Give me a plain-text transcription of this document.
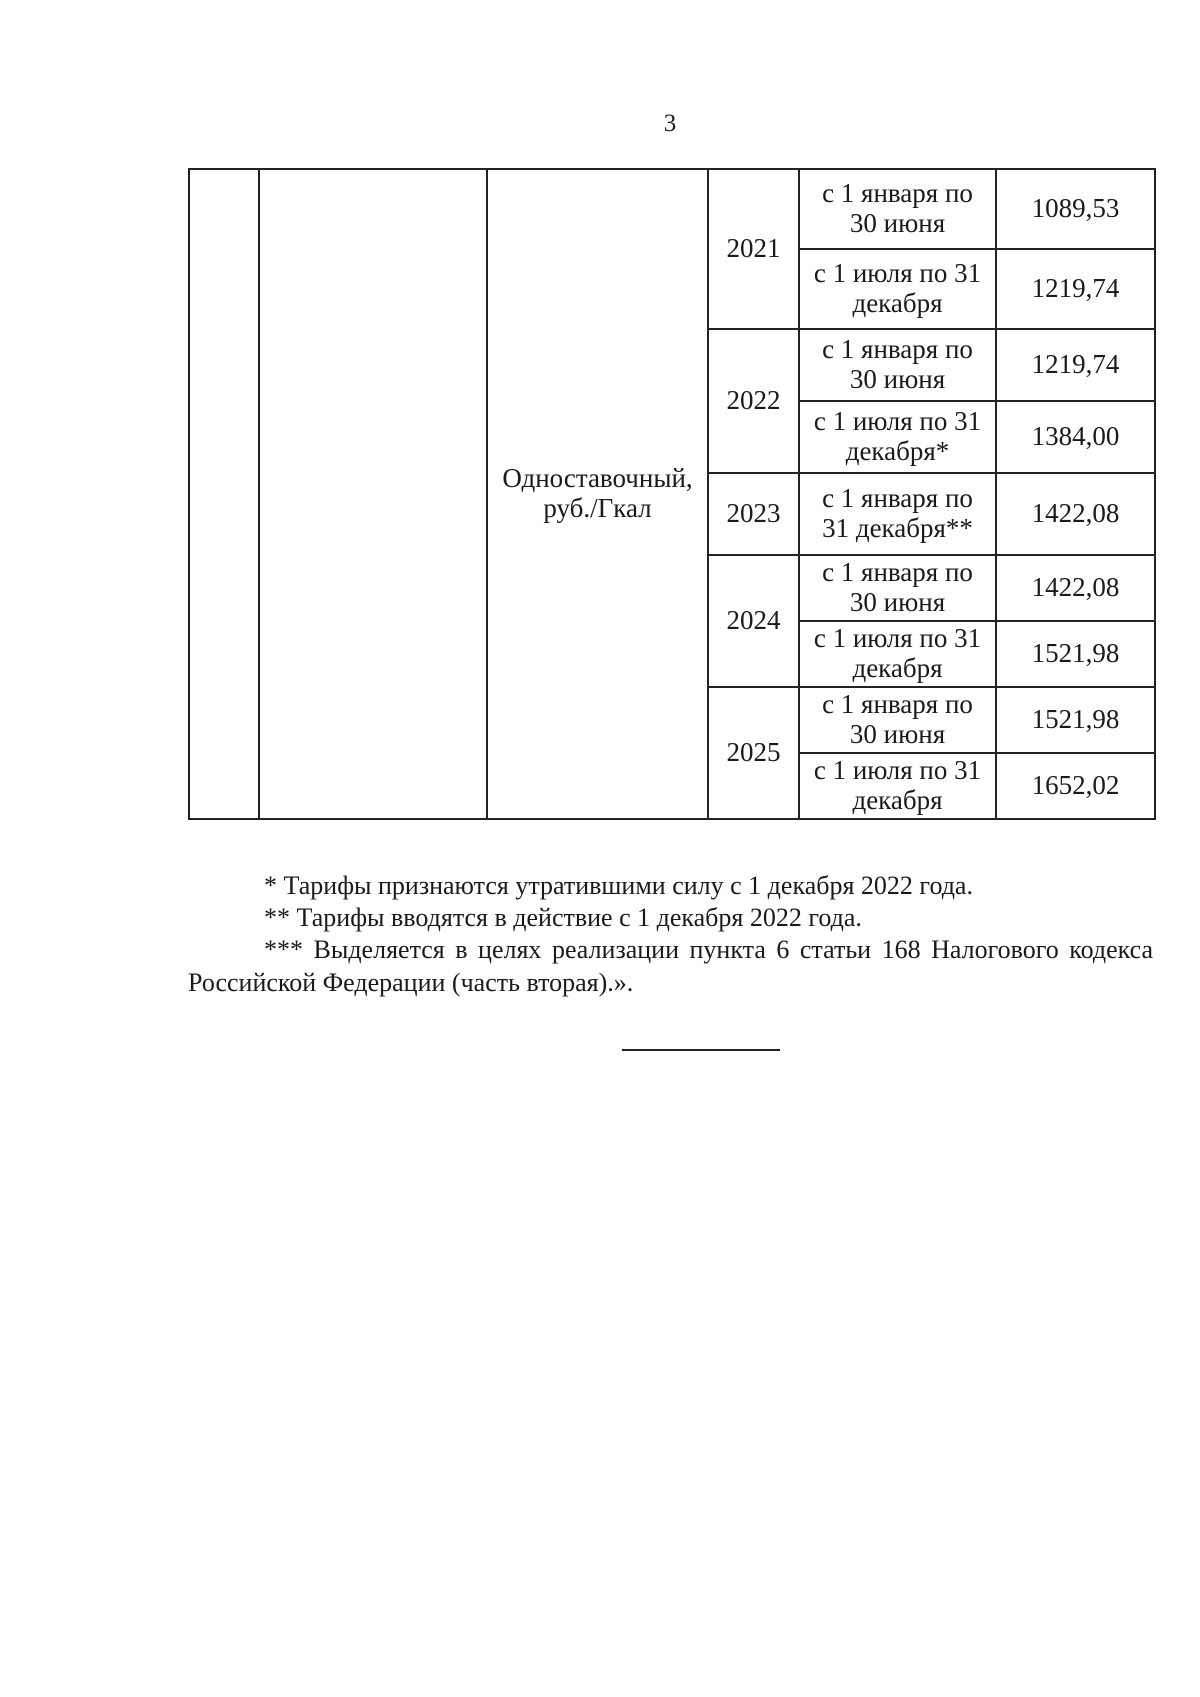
3
		Одноставочный, руб./Гкал	2021	с 1 января по 30 июня	1089,53
				с 1 июля по 31 декабря	1219,74
			2022	с 1 января по 30 июня	1219,74
				с 1 июля по 31 декабря*	1384,00
			2023	с 1 января по 31 декабря**	1422,08
			2024	с 1 января по 30 июня	1422,08
				с 1 июля по 31 декабря	1521,98
			2025	с 1 января по 30 июня	1521,98
				с 1 июля по 31 декабря	1652,02

* Тарифы признаются утратившими силу с 1 декабря 2022 года.

** Тарифы вводятся в действие с 1 декабря 2022 года.

*** Выделяется в целях реализации пункта 6 статьи 168 Налогового кодекса Российской Федерации (часть вторая).».
